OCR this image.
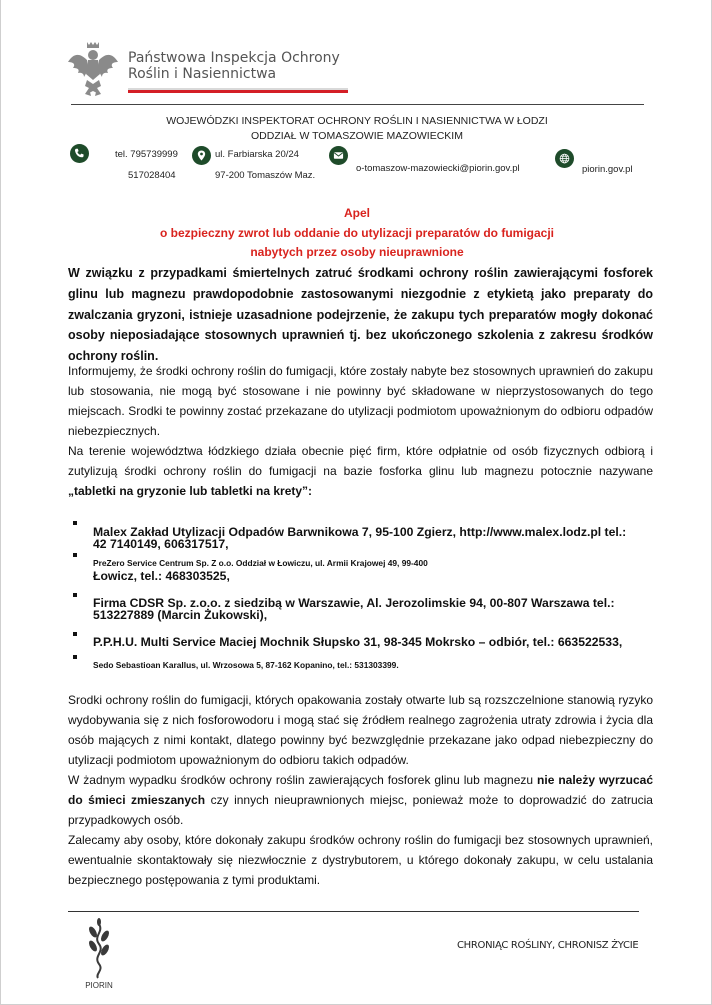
Państwowa Inspekcja Ochrony
Roślin i Nasiennictwa
WOJEWÓDZKI INSPEKTORAT OCHRONY ROŚLIN I NASIENNICTWA W ŁODZI
ODDZIAŁ W TOMASZOWIE MAZOWIECKIM
tel. 795739999
517028404
ul. Farbiarska 20/24
97-200 Tomaszów Maz.
o-tomaszow-mazowiecki@piorin.gov.pl	piorin.gov.pl
Apel
o bezpieczny zwrot lub oddanie do utylizacji preparatów do fumigacji
nabytych przez osoby nieuprawnione
W związku z przypadkami śmiertelnych zatruć środkami ochrony roślin zawierającymi fosforek glinu lub magnezu prawdopodobnie zastosowanymi niezgodnie z etykietą jako preparaty do zwalczania gryzoni, istnieje uzasadnione podejrzenie, że zakupu tych preparatów mogły dokonać osoby nieposiadające stosownych uprawnień tj. bez ukończonego szkolenia z zakresu środków ochrony roślin.
Informujemy, że środki ochrony roślin do fumigacji, które zostały nabyte bez stosownych uprawnień do zakupu lub stosowania, nie mogą być stosowane i nie powinny być składowane w nieprzystosowanych do tego miejscach. Srodki te powinny zostać przekazane do utylizacji podmiotom upoważnionym do odbioru odpadów niebezpiecznych.
Na terenie województwa łódzkiego działa obecnie pięć firm, które odpłatnie od osób fizycznych odbiorą i zutylizują środki ochrony roślin do fumigacji na bazie fosforka glinu lub magnezu potocznie nazywane „tabletki na gryzonie lub tabletki na krety”:
Malex Zakład Utylizacji Odpadów Barwnikowa 7, 95-100 Zgierz, http://www.malex.lodz.pl tel.:
42 7140149, 606317517,
PreZero Service Centrum Sp. Z o.o. Oddział w Łowiczu, ul. Armii Krajowej 49, 99-400
Łowicz, tel.: 468303525,
Firma CDSR Sp. z.o.o. z siedzibą w Warszawie, Al. Jerozolimskie 94, 00-807 Warszawa tel.:
513227889 (Marcin Żukowski),
P.P.H.U. Multi Service Maciej Mochnik Słupsko 31, 98-345 Mokrsko – odbiór, tel.: 663522533,
Sedo Sebastioan Karallus, ul. Wrzosowa 5, 87-162 Kopanino, tel.: 531303399.
Srodki ochrony roślin do fumigacji, których opakowania zostały otwarte lub są rozszczelnione stanowią ryzyko wydobywania się z nich fosforowodoru i mogą stać się źródłem realnego zagrożenia utraty zdrowia i życia dla osób mających z nimi kontakt, dlatego powinny być bezwzględnie przekazane jako odpad niebezpieczny do utylizacji podmiotom upoważnionym do odbioru takich odpadów.
W żadnym wypadku środków ochrony roślin zawierających fosforek glinu lub magnezu nie należy wyrzucać do śmieci zmieszanych czy innych nieuprawnionych miejsc, ponieważ może to doprowadzić do zatrucia przypadkowych osób.
Zalecamy aby osoby, które dokonały zakupu środków ochrony roślin do fumigacji bez stosownych uprawnień, ewentualnie skontaktowały się niezwłocznie z dystrybutorem, u którego dokonały zakupu, w celu ustalania bezpiecznego postępowania z tymi produktami.
PIORIN
CHRONIĄC ROŚLINY, CHRONISZ ŻYCIE
